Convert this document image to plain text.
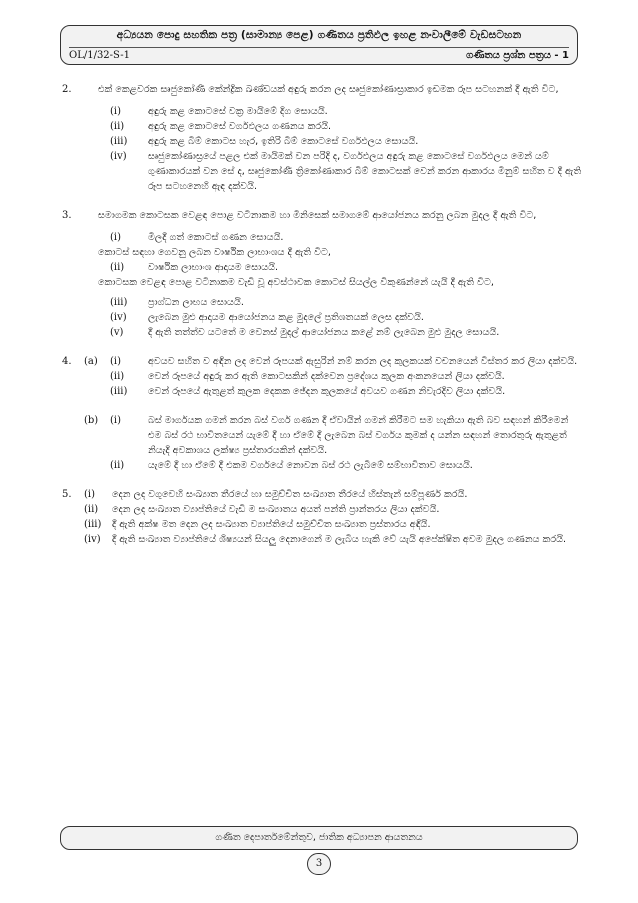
අධ්‍යයන පොදු සහතික පත්‍ර (සාමාන්‍ය පෙළ) ගණිතය ප්‍රතිඵල ඉහළ නංවාලීමේ වැඩසටහන
OL/1/32-S-1	ගණිතය ප්‍රශ්න පත්‍රය - 1
2.	එක් කෙළවරක සෘජුකෝණී කේන්ද්‍රික ඛණ්ඩයක් අඳුරු කරන ලද සෘජුකෝණාස්‍රාකාර ඉඩමක රූප සටහනක් දී ඇති විට,
(i)	අඳුරු කළ කොටසේ වක්‍ර මායිමේ දිග සොයයි.
(ii) අඳුරු කළ කොටසේ වර්ගඵලය ගණනය කරයි.
(iii) අඳුරු කළ බිම් කොටස හැර, ඉතිරි බිම් කොටසේ වර්ගඵලය සොයයි.
(iv) සෘජුකෝණාස්‍රයේ පළල එක් මායිමක් වන පරිදි ද, වර්ගඵලය අඳුරු කළ කොටසේ වර්ගඵලය මෙන් යම් ගුණාකාරයක් වන සේ ද, සෘජුකෝණී ත්‍රිකෝණාකාර බිම් කොටසක් වෙන් කරන ආකාරය මිනුම් සහිත ව දී ඇති රූප සටහනෙහි ඇඳ දක්වයි.
3.	සමාගමක කොටසක වෙළඳ පොළ වටිනාකම හා මිනිසෙක් සමාගමේ ආයෝජනය කරනු ලබන මුදල දී ඇති විට,
(i)	මිලදී ගත් කොටස් ගණන සොයයි.
කොටස් සඳහා ගෙවනු ලබන වාර්ෂික ලාභාංශය දී ඇති විට,
(ii) වාර්ෂික ලාභාංශ ආදායම සොයයි.
කොටසක වෙළඳ පොළ වටිනාකම වැඩි වූ අවස්ථාවක කොටස් සියල්ල විකුණන්නේ යැයි දී ඇති විට,
(iii) ප්‍රාග්ධන ලාභය සොයයි.
(iv) ලැබෙන මුළු ආදායම ආයෝජනය කළ මුදලේ ප්‍රතිශතයක් ලෙස දක්වයි.
(v)	දී ඇති තත්ත්ව යටතේ ම වෙනස් මුදල් ආයෝජනය කළේ නම් ලැබෙන මුළු මුදල සොයයි.
4. (a) (i)	අවයව සහිත ව අඳින ලද වෙන් රූපයක් ඇසුරින් නම් කරන ලද කුලකයක් වචනයෙන් විස්තර කර ලියා දක්වයි.
(ii) වෙන් රූපයේ අඳුරු කර ඇති කොටසකින් දක්වෙන ප්‍රදේශය කුලක අංකනයෙන් ලියා දක්වයි.
(iii) වෙන් රූපයේ ඇතුළත් කුලක දෙකක ඡේදන කුලකයේ අවයව ගණන නිවැරදිව ලියා දක්වයි.
(b) (i)	බස් මාර්ගයක ගමන් කරන බස් වර්ග ගණන දී ඒවායින් ගමන් කිරීමට සම හැකියා ඇති බව සඳහන් කිරීමෙන් එම බස් රථ භාවිතයෙන් යැමේ දී හා ඒමේ දී ලැබෙන බස් වර්ගය කුමක් ද යන්න සඳහන් තොරතුරු ඇතුළත් නියැදි අවකාශය ලක්ෂ්‍ය ප්‍රස්තාරයකින් දක්වයි.
(ii) යැමේ දී හා ඒමේ දී එකම වර්ගයේ නොවන බස් රථ ලැබීමේ සම්භාවිතාව සොයයි.
5. (i) දෙන ලද වගුවෙහි සංඛ්‍යාත තීරයේ හා සමුච්චිත සංඛ්‍යාත තීරයේ හිස්තැන් සම්පූර්ණ කරයි.
(ii) දෙන ලද සංඛ්‍යාත ව්‍යාප්තියේ වැඩි ම සංඛ්‍යාතය අයත් පන්ති ප්‍රාන්තරය ලියා දක්වයි.
(iii) දී ඇති අක්ෂ මත දෙන ලද සංඛ්‍යාත ව්‍යාප්තියේ සමුච්චිත සංඛ්‍යාත ප්‍රස්තාරය අඳියි.
(iv) දී ඇති සංඛ්‍යාත ව්‍යාප්තියේ ශිෂ්‍යයන් සියලු දෙනාගෙන් ම ලැබිය හැකි වේ යැයි අපේක්ෂිත අවම මුදල ගණනය කරයි.
ගණිත දෙපාර්තමේන්තුව, ජාතික අධ්‍යාපන ආයතනය
3
